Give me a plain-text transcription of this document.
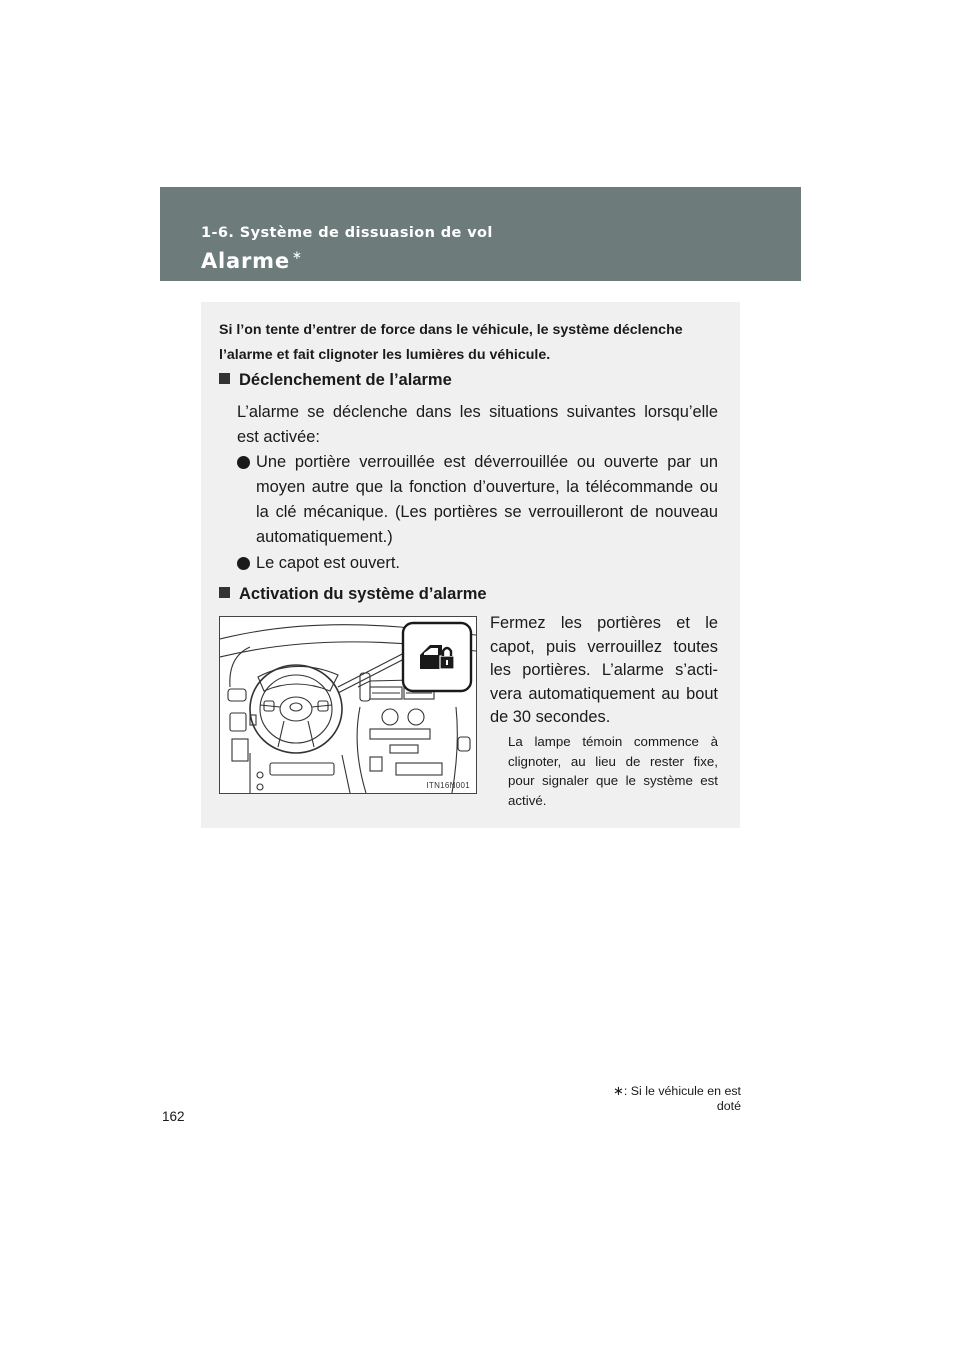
1-6. Système de dissuasion de vol
Alarme ∗
Si l’on tente d’entrer de force dans le véhicule, le système déclenche l’alarme et fait clignoter les lumières du véhicule.
Déclenchement de l’alarme
L’alarme se déclenche dans les situations suivantes lorsqu’elle est activée:
Une portière verrouillée est déverrouillée ou ouverte par un moyen autre que la fonction d’ouverture, la télécommande ou la clé mécanique. (Les portières se verrouilleront de nouveau automatiquement.)
Le capot est ouvert.
Activation du système d’alarme
ITN16N001
Fermez les portières et le capot, puis verrouillez toutes les portières. L’alarme s’activera automatiquement au bout de 30 secondes.
La lampe témoin commence à clignoter, au lieu de rester fixe, pour signaler que le système est activé.
∗: Si le véhicule en est doté
162
